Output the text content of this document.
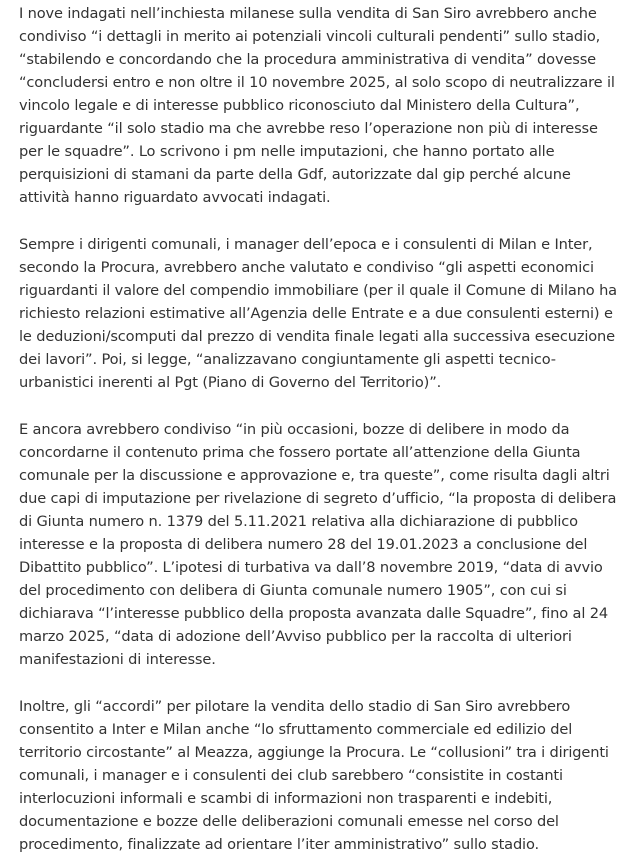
I nove indagati nell’inchiesta milanese sulla vendita di San Siro avrebbero anche condiviso “i dettagli in merito ai potenziali vincoli culturali pendenti” sullo stadio, “stabilendo e concordando che la procedura amministrativa di vendita” dovesse “concludersi entro e non oltre il 10 novembre 2025, al solo scopo di neutralizzare il vincolo legale e di interesse pubblico riconosciuto dal Ministero della Cultura”, riguardante “il solo stadio ma che avrebbe reso l’operazione non più di interesse per le squadre”. Lo scrivono i pm nelle imputazioni, che hanno portato alle perquisizioni di stamani da parte della Gdf, autorizzate dal gip perché alcune attività hanno riguardato avvocati indagati.

Sempre i dirigenti comunali, i manager dell’epoca e i consulenti di Milan e Inter, secondo la Procura, avrebbero anche valutato e condiviso “gli aspetti economici riguardanti il valore del compendio immobiliare (per il quale il Comune di Milano ha richiesto relazioni estimative all’Agenzia delle Entrate e a due consulenti esterni) e le deduzioni/scomputi dal prezzo di vendita finale legati alla successiva esecuzione dei lavori”. Poi, si legge, “analizzavano congiuntamente gli aspetti tecnico-urbanistici inerenti al Pgt (Piano di Governo del Territorio)”.

E ancora avrebbero condiviso “in più occasioni, bozze di delibere in modo da concordarne il contenuto prima che fossero portate all’attenzione della Giunta comunale per la discussione e approvazione e, tra queste”, come risulta dagli altri due capi di imputazione per rivelazione di segreto d’ufficio, “la proposta di delibera di Giunta numero n. 1379 del 5.11.2021 relativa alla dichiarazione di pubblico interesse e la proposta di delibera numero 28 del 19.01.2023 a conclusione del Dibattito pubblico”. L’ipotesi di turbativa va dall’8 novembre 2019, “data di avvio del procedimento con delibera di Giunta comunale numero 1905”, con cui si dichiarava “l’interesse pubblico della proposta avanzata dalle Squadre”, fino al 24 marzo 2025, “data di adozione dell’Avviso pubblico per la raccolta di ulteriori manifestazioni di interesse.

Inoltre, gli “accordi” per pilotare la vendita dello stadio di San Siro avrebbero consentito a Inter e Milan anche “lo sfruttamento commerciale ed edilizio del territorio circostante” al Meazza, aggiunge la Procura. Le “collusioni” tra i dirigenti comunali, i manager e i consulenti dei club sarebbero “consistite in costanti interlocuzioni informali e scambi di informazioni non trasparenti e indebiti, documentazione e bozze delle deliberazioni comunali emesse nel corso del procedimento, finalizzate ad orientare l’iter amministrativo” sullo stadio.
